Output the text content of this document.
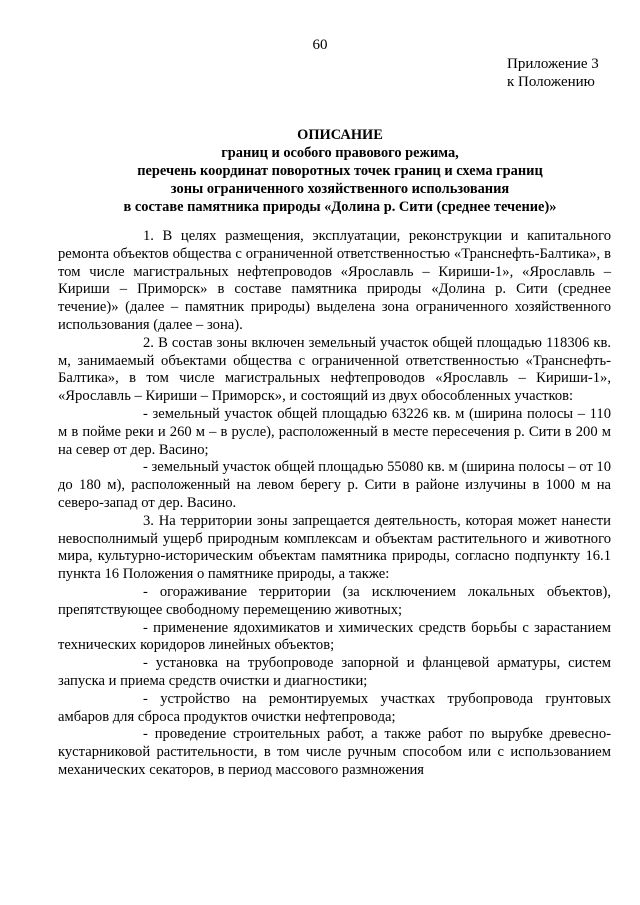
60
Приложение 3
к Положению
ОПИСАНИЕ
границ и особого правового режима,
перечень координат поворотных точек границ и схема границ
зоны ограниченного хозяйственного использования
в составе памятника природы «Долина р. Сити (среднее течение)»

1. В целях размещения, эксплуатации, реконструкции и капитального ремонта объектов общества с ограниченной ответственностью «Транснефть-Балтика», в том числе магистральных нефтепроводов «Ярославль – Кириши-1», «Ярославль – Кириши – Приморск» в составе памятника природы «Долина р. Сити (среднее течение)» (далее – памятник природы) выделена зона ограниченного хозяйственного использования (далее – зона).

2. В состав зоны включен земельный участок общей площадью 118306 кв. м, занимаемый объектами общества с ограниченной ответственностью «Транснефть-Балтика», в том числе магистральных нефтепроводов «Ярославль – Кириши-1», «Ярославль – Кириши – Приморск», и состоящий из двух обособленных участков:

- земельный участок общей площадью 63226 кв. м (ширина полосы – 110 м в пойме реки и 260 м – в русле), расположенный в месте пересечения р. Сити в 200 м на север от дер. Васино;

- земельный участок общей площадью 55080 кв. м (ширина полосы – от 10 до 180 м), расположенный на левом берегу р. Сити в районе излучины в 1000 м на северо-запад от дер. Васино.

3. На территории зоны запрещается деятельность, которая может нанести невосполнимый ущерб природным комплексам и объектам растительного и животного мира, культурно-историческим объектам памятника природы, согласно подпункту 16.1 пункта 16 Положения о памятнике природы, а также:

- огораживание территории (за исключением локальных объектов), препятствующее свободному перемещению животных;

- применение ядохимикатов и химических средств борьбы с зарастанием технических коридоров линейных объектов;

- установка на трубопроводе запорной и фланцевой арматуры, систем запуска и приема средств очистки и диагностики;

- устройство на ремонтируемых участках трубопровода грунтовых амбаров для сброса продуктов очистки нефтепровода;

- проведение строительных работ, а также работ по вырубке древесно-кустарниковой растительности, в том числе ручным способом или с использованием механических секаторов, в период массового размножения
